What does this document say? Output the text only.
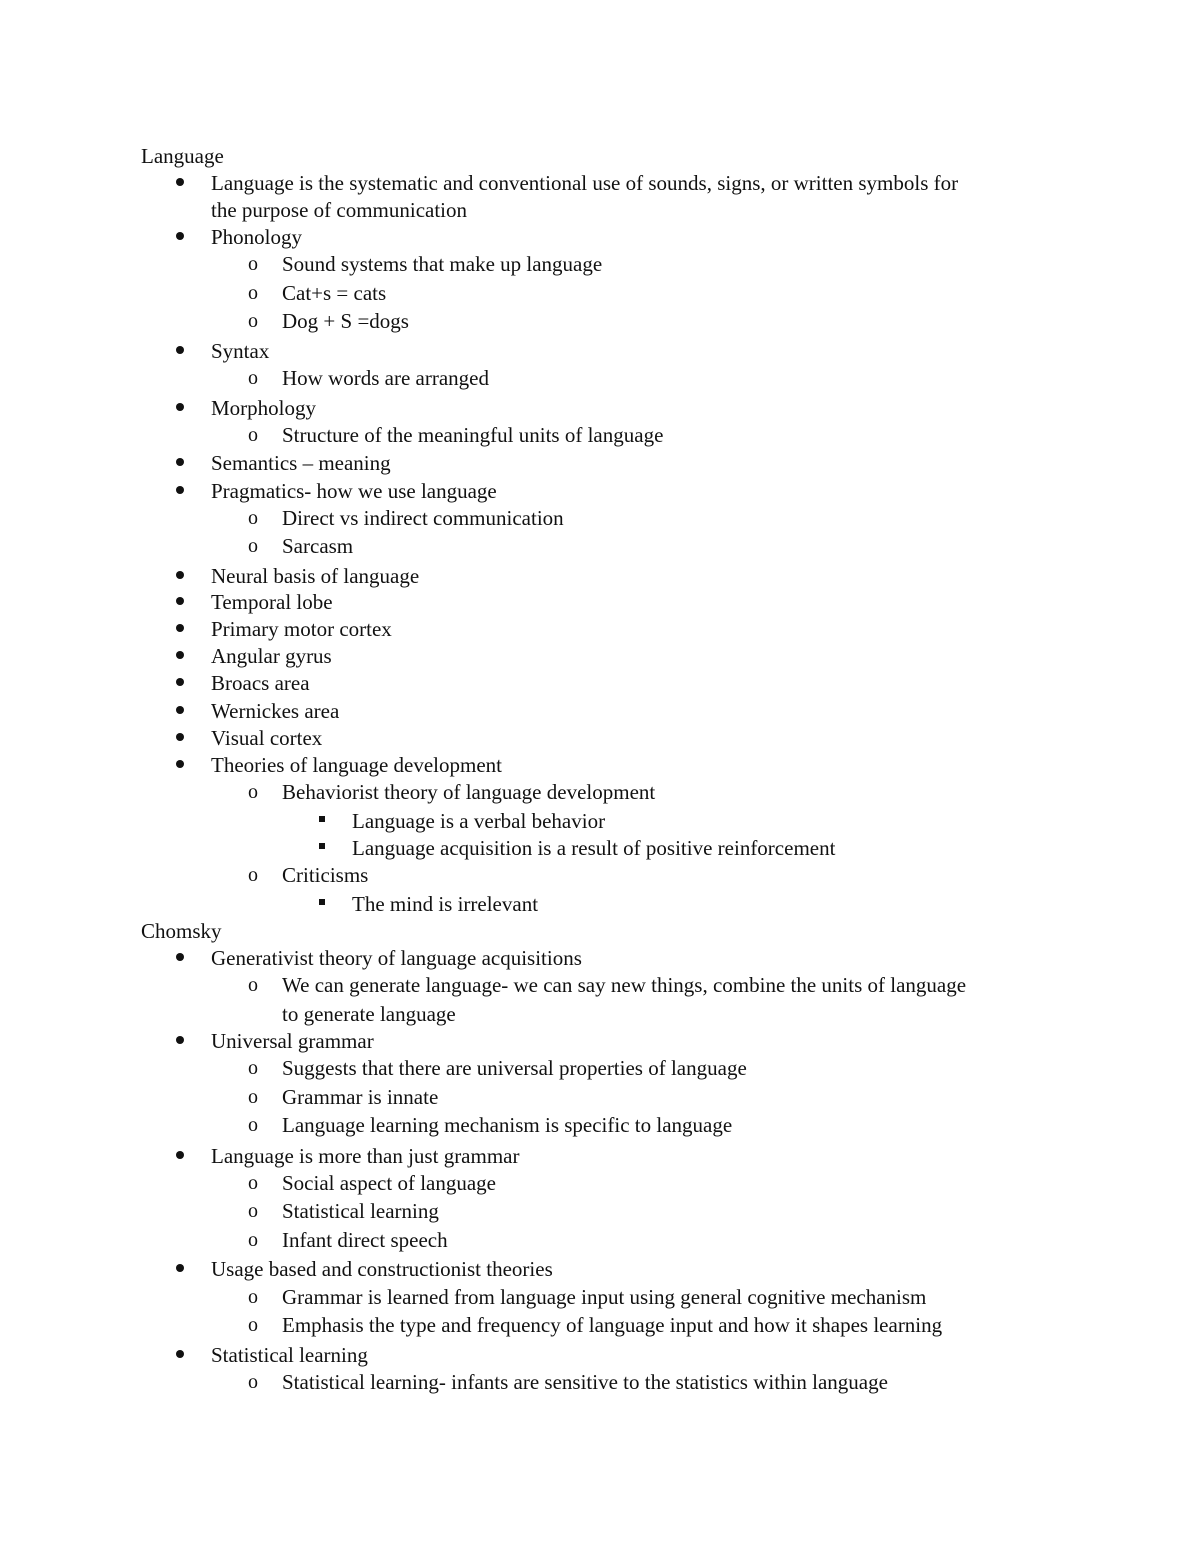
Language
Language is the systematic and conventional use of sounds, signs, or written symbols for
the purpose of communication
Phonology
o Sound systems that make up language
o Cat+s = cats
o Dog + S =dogs
Syntax
o How words are arranged
Morphology
o Structure of the meaningful units of language
Semantics – meaning
Pragmatics- how we use language
o Direct vs indirect communication
o Sarcasm
Neural basis of language
Temporal lobe
Primary motor cortex
Angular gyrus
Broacs area
Wernickes area
Visual cortex
Theories of language development
o Behaviorist theory of language development
Language is a verbal behavior
Language acquisition is a result of positive reinforcement
o Criticisms
The mind is irrelevant
Chomsky
Generativist theory of language acquisitions
o We can generate language- we can say new things, combine the units of language
to generate language
Universal grammar
o Suggests that there are universal properties of language
o Grammar is innate
o Language learning mechanism is specific to language
Language is more than just grammar
o Social aspect of language
o Statistical learning
o Infant direct speech
Usage based and constructionist theories
o Grammar is learned from language input using general cognitive mechanism
o Emphasis the type and frequency of language input and how it shapes learning
Statistical learning
o Statistical learning- infants are sensitive to the statistics within language
